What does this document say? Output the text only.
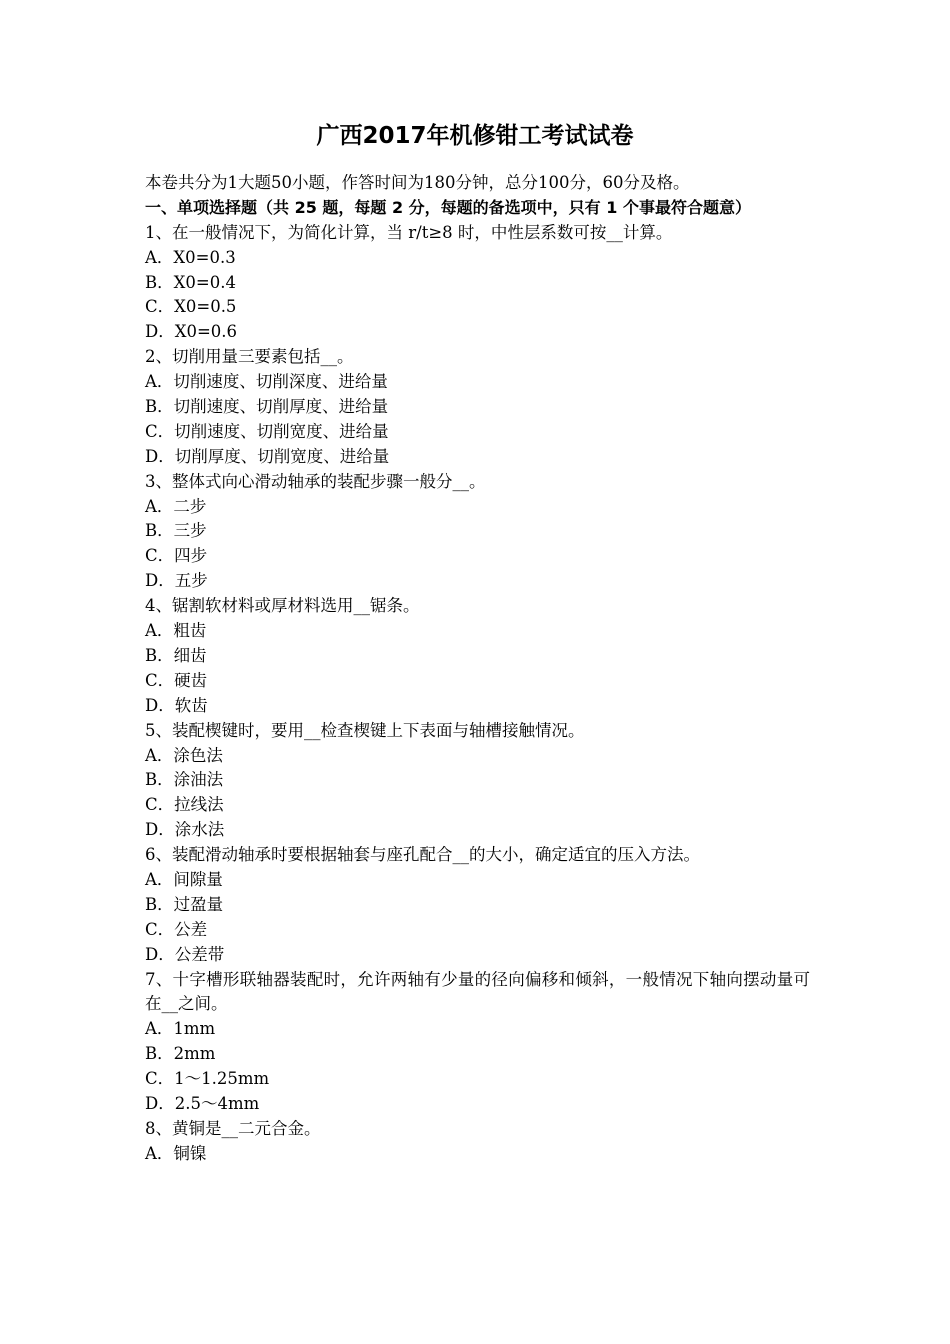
广西2017年机修钳工考试试卷
本卷共分为1大题50小题，作答时间为180分钟，总分100分，60分及格。
一、单项选择题（共 25 题，每题 2 分，每题的备选项中，只有 1 个事最符合题意）
1、在一般情况下，为简化计算，当 r/t≥8 时，中性层系数可按__计算。
A．X0=0.3
B．X0=0.4
C．X0=0.5
D．X0=0.6
2、切削用量三要素包括__。
A．切削速度、切削深度、进给量
B．切削速度、切削厚度、进给量
C．切削速度、切削宽度、进给量
D．切削厚度、切削宽度、进给量
3、整体式向心滑动轴承的装配步骤一般分__。
A．二步
B．三步
C．四步
D．五步
4、锯割软材料或厚材料选用__锯条。
A．粗齿
B．细齿
C．硬齿
D．软齿
5、装配楔键时，要用__检查楔键上下表面与轴槽接触情况。
A．涂色法
B．涂油法
C．拉线法
D．涂水法
6、装配滑动轴承时要根据轴套与座孔配合__的大小，确定适宜的压入方法。
A．间隙量
B．过盈量
C．公差
D．公差带
7、十字槽形联轴器装配时，允许两轴有少量的径向偏移和倾斜，一般情况下轴向摆动量可在__之间。
A．1mm
B．2mm
C．1～1.25mm
D．2.5～4mm
8、黄铜是__二元合金。
A．铜镍
